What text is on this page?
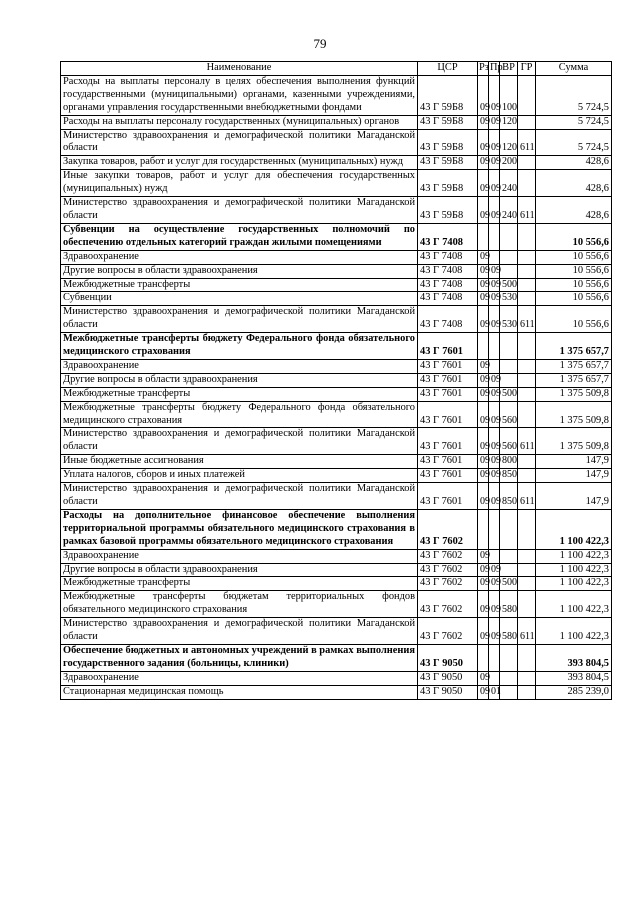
79
Наименование	ЦСР	Рз	Пр	ВР	ГР	Сумма
Расходы на выплаты персоналу в целях обеспечения выполнения функций государственными (муниципальными) органами, казенными учреждениями, органами управления государственными внебюджетными фондами	43 Г 59Б8	09	09	100		5 724,5
Расходы на выплаты персоналу государственных (муниципальных) органов	43 Г 59Б8	09	09	120		5 724,5
Министерство здравоохранения и демографической политики Магаданской области	43 Г 59Б8	09	09	120	611	5 724,5
Закупка товаров, работ и услуг для государственных (муниципальных) нужд	43 Г 59Б8	09	09	200		428,6
Иные закупки товаров, работ и услуг для обеспечения государственных (муниципальных) нужд	43 Г 59Б8	09	09	240		428,6
Министерство здравоохранения и демографической политики Магаданской области	43 Г 59Б8	09	09	240	611	428,6
Субвенции на осуществление государственных полномочий по обеспечению отдельных категорий граждан жилыми помещениями	43 Г 7408					10 556,6
Здравоохранение	43 Г 7408	09				10 556,6
Другие вопросы в области здравоохранения	43 Г 7408	09	09			10 556,6
Межбюджетные трансферты	43 Г 7408	09	09	500		10 556,6
Субвенции	43 Г 7408	09	09	530		10 556,6
Министерство здравоохранения и демографической политики Магаданской области	43 Г 7408	09	09	530	611	10 556,6
Межбюджетные трансферты бюджету Федерального фонда обязательного медицинского страхования	43 Г 7601					1 375 657,7
Здравоохранение	43 Г 7601	09				1 375 657,7
Другие вопросы в области здравоохранения	43 Г 7601	09	09			1 375 657,7
Межбюджетные трансферты	43 Г 7601	09	09	500		1 375 509,8
Межбюджетные трансферты бюджету Федерального фонда обязательного медицинского страхования	43 Г 7601	09	09	560		1 375 509,8
Министерство здравоохранения и демографической политики Магаданской области	43 Г 7601	09	09	560	611	1 375 509,8
Иные бюджетные ассигнования	43 Г 7601	09	09	800		147,9
Уплата налогов, сборов и иных платежей	43 Г 7601	09	09	850		147,9
Министерство здравоохранения и демографической политики Магаданской области	43 Г 7601	09	09	850	611	147,9
Расходы на дополнительное финансовое обеспечение выполнения территориальной программы обязательного медицинского страхования в рамках базовой программы обязательного медицинского страхования	43 Г 7602					1 100 422,3
Здравоохранение	43 Г 7602	09				1 100 422,3
Другие вопросы в области здравоохранения	43 Г 7602	09	09			1 100 422,3
Межбюджетные трансферты	43 Г 7602	09	09	500		1 100 422,3
Межбюджетные трансферты бюджетам территориальных фондов обязательного медицинского страхования	43 Г 7602	09	09	580		1 100 422,3
Министерство здравоохранения и демографической политики Магаданской области	43 Г 7602	09	09	580	611	1 100 422,3
Обеспечение бюджетных и автономных учреждений в рамках выполнения государственного задания (больницы, клиники)	43 Г 9050					393 804,5
Здравоохранение	43 Г 9050	09				393 804,5
Стационарная медицинская помощь	43 Г 9050	09	01			285 239,0
